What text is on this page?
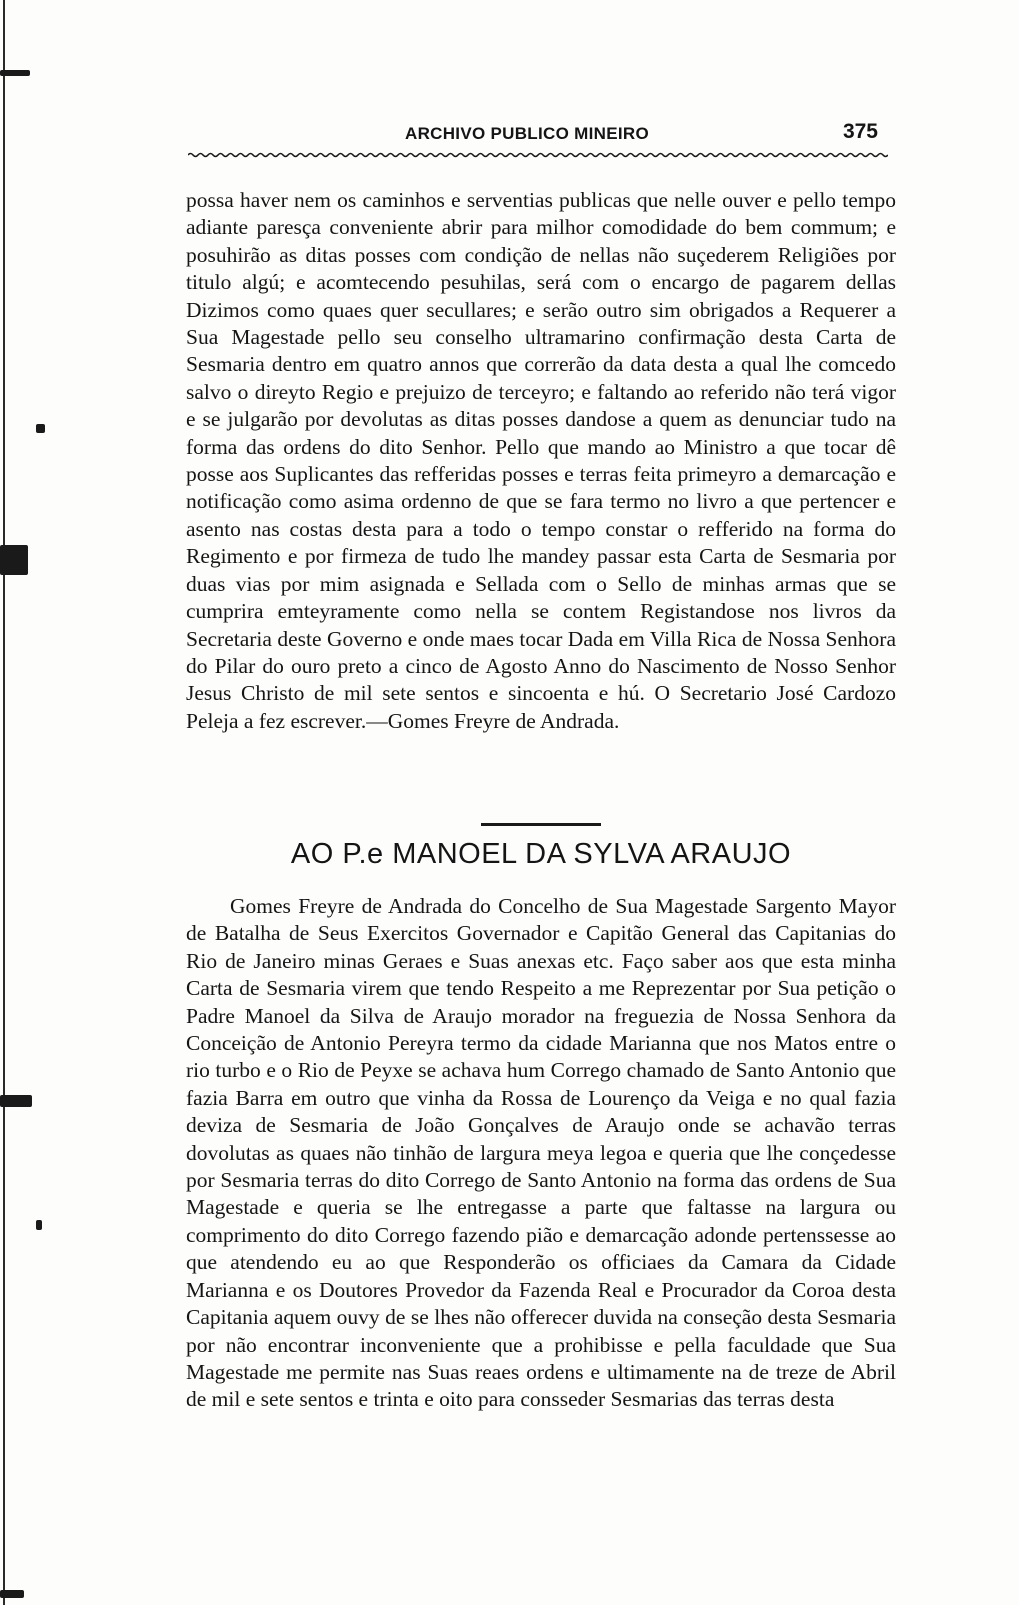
ARCHIVO PUBLICO MINEIRO	375

possa haver nem os caminhos e serventias publicas que nelle ouver e pello tempo adiante paresça conveniente abrir para milhor comodidade do bem commum; e posuhirão as ditas posses com condição de nellas não suçederem Religiões por titulo algú; e acomtecendo pesuhilas, será com o encargo de pagarem dellas Dizimos como quaes quer secullares; e serão outro sim obrigados a Requerer a Sua Magestade pello seu conselho ultramarino confirmação desta Carta de Sesmaria dentro em quatro annos que correrão da data desta a qual lhe comcedo salvo o direyto Regio e prejuizo de terceyro; e faltando ao referido não terá vigor e se julgarão por devolutas as ditas posses dandose a quem as denunciar tudo na forma das ordens do dito Senhor. Pello que mando ao Ministro a que tocar dê posse aos Suplicantes das refferidas posses e terras feita primeyro a demarcação e notificação como asima ordenno de que se fara termo no livro a que pertencer e asento nas costas desta para a todo o tempo constar o refferido na forma do Regimento e por firmeza de tudo lhe mandey passar esta Carta de Sesmaria por duas vias por mim asignada e Sellada com o Sello de minhas armas que se cumprira emteyramente como nella se contem Registandose nos livros da Secretaria deste Governo e onde maes tocar Dada em Villa Rica de Nossa Senhora do Pilar do ouro preto a cinco de Agosto Anno do Nascimento de Nosso Senhor Jesus Christo de mil sete sentos e sincoenta e hú. O Secretario José Cardozo Peleja a fez escrever.—Gomes Freyre de Andrada.

AO P.e MANOEL DA SYLVA ARAUJO

Gomes Freyre de Andrada do Concelho de Sua Magestade Sargento Mayor de Batalha de Seus Exercitos Governador e Capitão General das Capitanias do Rio de Janeiro minas Geraes e Suas anexas etc. Faço saber aos que esta minha Carta de Sesmaria virem que tendo Respeito a me Reprezentar por Sua petição o Padre Manoel da Silva de Araujo morador na freguezia de Nossa Senhora da Conceição de Antonio Pereyra termo da cidade Marianna que nos Matos entre o rio turbo e o Rio de Peyxe se achava hum Corrego chamado de Santo Antonio que fazia Barra em outro que vinha da Rossa de Lourenço da Veiga e no qual fazia deviza de Sesmaria de João Gonçalves de Araujo onde se achavão terras dovolutas as quaes não tinhão de largura meya legoa e queria que lhe conçedesse por Sesmaria terras do dito Corrego de Santo Antonio na forma das ordens de Sua Magestade e queria se lhe entregasse a parte que faltasse na largura ou comprimento do dito Corrego fazendo pião e demarcação adonde pertenssesse ao que atendendo eu ao que Responderão os officiaes da Camara da Cidade Marianna e os Doutores Provedor da Fazenda Real e Procurador da Coroa desta Capitania aquem ouvy de se lhes não offerecer duvida na conseção desta Sesmaria por não encontrar inconveniente que a prohibisse e pella faculdade que Sua Magestade me permite nas Suas reaes ordens e ultimamente na de treze de Abril de mil e sete sentos e trinta e oito para consseder Sesmarias das terras desta
